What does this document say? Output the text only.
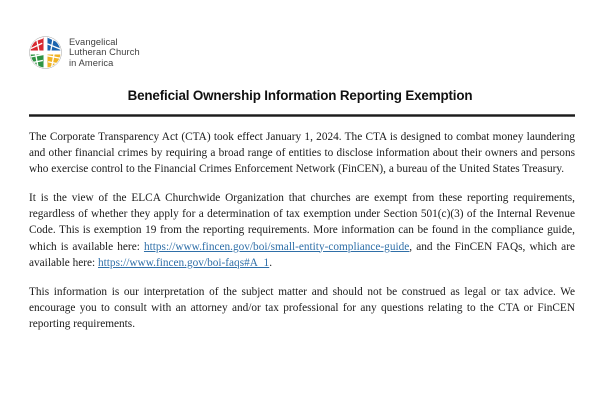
Evangelical
Lutheran Church
in America
Beneficial Ownership Information Reporting Exemption

The Corporate Transparency Act (CTA) took effect January 1, 2024. The CTA is designed to combat money laundering and other financial crimes by requiring a broad range of entities to disclose information about their owners and persons who exercise control to the Financial Crimes Enforcement Network (FinCEN), a bureau of the United States Treasury.

It is the view of the ELCA Churchwide Organization that churches are exempt from these reporting requirements, regardless of whether they apply for a determination of tax exemption under Section 501(c)(3) of the Internal Revenue Code. This is exemption 19 from the reporting requirements. More information can be found in the compliance guide, which is available here: https://www.fincen.gov/boi/small-entity-compliance-guide, and the FinCEN FAQs, which are available here: https://www.fincen.gov/boi-faqs#A_1.

This information is our interpretation of the subject matter and should not be construed as legal or tax advice. We encourage you to consult with an attorney and/or tax professional for any questions relating to the CTA or FinCEN reporting requirements.
